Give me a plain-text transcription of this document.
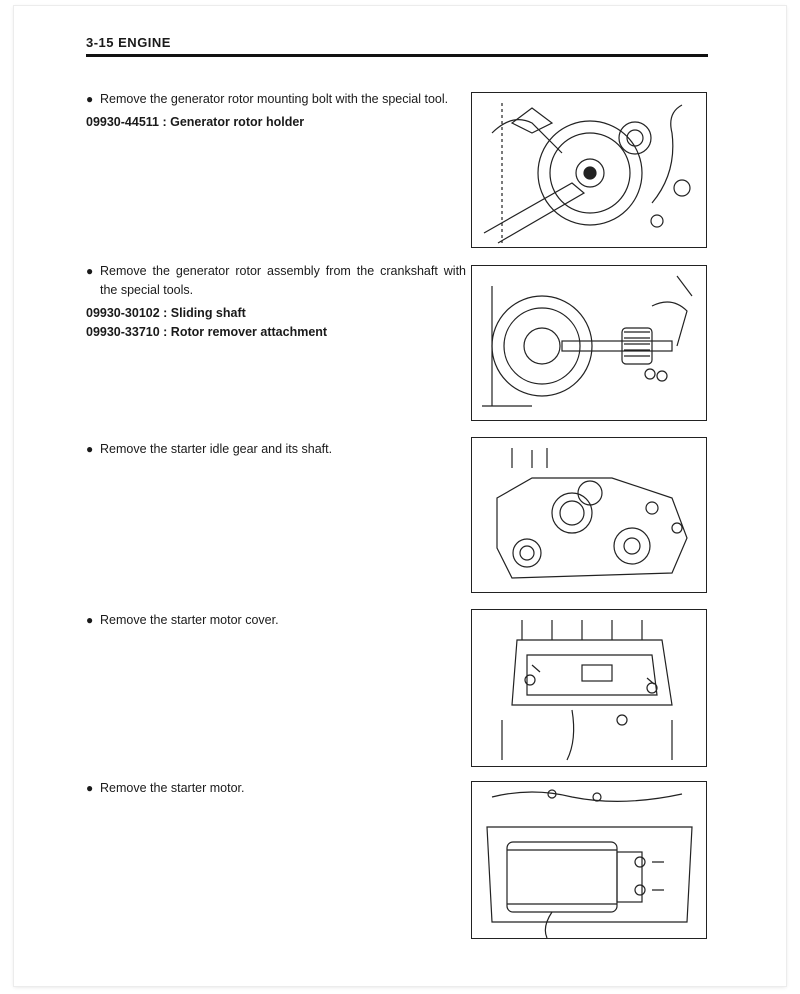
3-15 ENGINE
● Remove the generator rotor mounting bolt with the special tool.
09930-44511 : Generator rotor holder
● Remove the generator rotor assembly from the crankshaft with the special tools.
09930-30102 : Sliding shaft
09930-33710 : Rotor remover attachment
● Remove the starter idle gear and its shaft.
● Remove the starter motor cover.
● Remove the starter motor.
